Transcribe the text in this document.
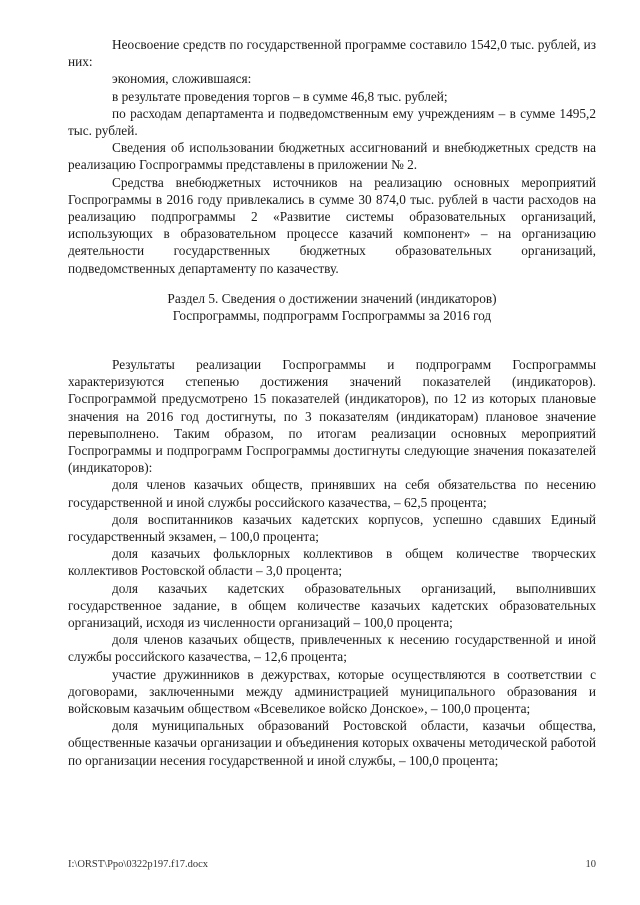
Неосвоение средств по государственной программе составило 1542,0 тыс. рублей, из них:

экономия, сложившаяся:

в результате проведения торгов – в сумме 46,8 тыс. рублей;

по расходам департамента и подведомственным ему учреждениям – в сумме 1495,2 тыс. рублей.

Сведения об использовании бюджетных ассигнований и внебюджетных средств на реализацию Госпрограммы представлены в приложении № 2.

Средства внебюджетных источников на реализацию основных мероприятий Госпрограммы в 2016 году привлекались в сумме 30 874,0 тыс. рублей в части расходов на реализацию подпрограммы 2 «Развитие системы образовательных организаций, использующих в образовательном процессе казачий компонент» – на организацию деятельности государственных бюджетных образовательных организаций, подведомственных департаменту по казачеству.

Раздел 5. Сведения о достижении значений (индикаторов)
Госпрограммы, подпрограмм Госпрограммы за 2016 год

Результаты реализации Госпрограммы и подпрограмм Госпрограммы характеризуются степенью достижения значений показателей (индикаторов). Госпрограммой предусмотрено 15 показателей (индикаторов), по 12 из которых плановые значения на 2016 год достигнуты, по 3 показателям (индикаторам) плановое значение перевыполнено. Таким образом, по итогам реализации основных мероприятий Госпрограммы и подпрограмм Госпрограммы достигнуты следующие значения показателей (индикаторов):

доля членов казачьих обществ, принявших на себя обязательства по несению государственной и иной службы российского казачества, – 62,5 процента;

доля воспитанников казачьих кадетских корпусов, успешно сдавших Единый государственный экзамен, – 100,0 процента;

доля казачьих фольклорных коллективов в общем количестве творческих коллективов Ростовской области – 3,0 процента;

доля казачьих кадетских образовательных организаций, выполнивших государственное задание, в общем количестве казачьих кадетских образовательных организаций, исходя из численности организаций – 100,0 процента;

доля членов казачьих обществ, привлеченных к несению государственной и иной службы российского казачества, – 12,6 процента;

участие дружинников в дежурствах, которые осуществляются в соответствии с договорами, заключенными между администрацией муниципального образования и войсковым казачьим обществом «Всевеликое войско Донское», – 100,0 процента;

доля муниципальных образований Ростовской области, казачьи общества, общественные казачьи организации и объединения которых охвачены методической работой по организации несения государственной и иной службы, – 100,0 процента;

I:\ORST\Ppo\0322p197.f17.docx	10
